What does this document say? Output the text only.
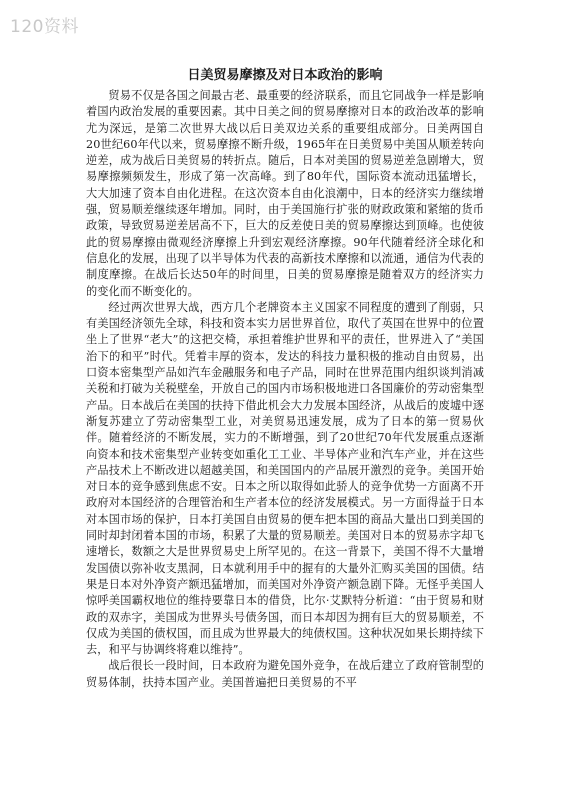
120资料
日美贸易摩擦及对日本政治的影响

贸易不仅是各国之间最古老、最重要的经济联系，而且它同战争一样是影响着国内政治发展的重要因素。其中日美之间的贸易摩擦对日本的政治改革的影响尤为深远，是第二次世界大战以后日美双边关系的重要组成部分。日美两国自20世纪60年代以来，贸易摩擦不断升级，1965年在日美贸易中美国从顺差转向逆差，成为战后日美贸易的转折点。随后，日本对美国的贸易逆差急剧增大，贸易摩擦频频发生，形成了第一次高峰。到了80年代，国际资本流动迅猛增长，大大加速了资本自由化进程。在这次资本自由化浪潮中，日本的经济实力继续增强，贸易顺差继续逐年增加。同时，由于美国施行扩张的财政政策和紧缩的货币政策，导致贸易逆差居高不下，巨大的反差使日美的贸易摩擦达到顶峰。也使彼此的贸易摩擦由微观经济摩擦上升到宏观经济摩擦。90年代随着经济全球化和信息化的发展，出现了以半导体为代表的高新技术摩擦和以流通，通信为代表的制度摩擦。在战后长达50年的时间里，日美的贸易摩擦是随着双方的经济实力的变化而不断变化的。

经过两次世界大战，西方几个老牌资本主义国家不同程度的遭到了削弱，只有美国经济领先全球，科技和资本实力居世界首位，取代了英国在世界中的位置坐上了世界“老大”的这把交椅，承担着维护世界和平的责任，世界进入了“美国治下的和平”时代。凭着丰厚的资本，发达的科技力量积极的推动自由贸易，出口资本密集型产品如汽车金融服务和电子产品，同时在世界范围内组织谈判消减关税和打破为关税壁垒，开放自己的国内市场积极地进口各国廉价的劳动密集型产品。日本战后在美国的扶持下借此机会大力发展本国经济，从战后的废墟中逐渐复苏建立了劳动密集型工业，对美贸易迅速发展，成为了日本的第一贸易伙伴。随着经济的不断发展，实力的不断增强，到了20世纪70年代发展重点逐渐向资本和技术密集型产业转变如重化工工业、半导体产业和汽车产业，并在这些产品技术上不断改进以超越美国，和美国国内的产品展开激烈的竞争。美国开始对日本的竞争感到焦虑不安。日本之所以取得如此骄人的竞争优势一方面离不开政府对本国经济的合理管治和生产者本位的经济发展模式。另一方面得益于日本对本国市场的保护，日本打美国自由贸易的便车把本国的商品大量出口到美国的同时却封闭着本国的市场，积累了大量的贸易顺差。美国对日本的贸易赤字却飞速增长，数额之大是世界贸易史上所罕见的。在这一背景下，美国不得不大量增发国债以弥补收支黑洞，日本就利用手中的握有的大量外汇购买美国的国债。结果是日本对外净资产额迅猛增加，而美国对外净资产额急剧下降。无怪乎美国人惊呼美国霸权地位的维持要靠日本的借贷，比尔·艾默特分析道：“由于贸易和财政的双赤字，美国成为世界头号债务国，而日本却因为拥有巨大的贸易顺差，不仅成为美国的债权国，而且成为世界最大的纯债权国。这种状况如果长期持续下去，和平与协调终将难以维持”。

战后很长一段时间，日本政府为避免国外竞争，在战后建立了政府管制型的贸易体制，扶持本国产业。美国普遍把日美贸易的不平
